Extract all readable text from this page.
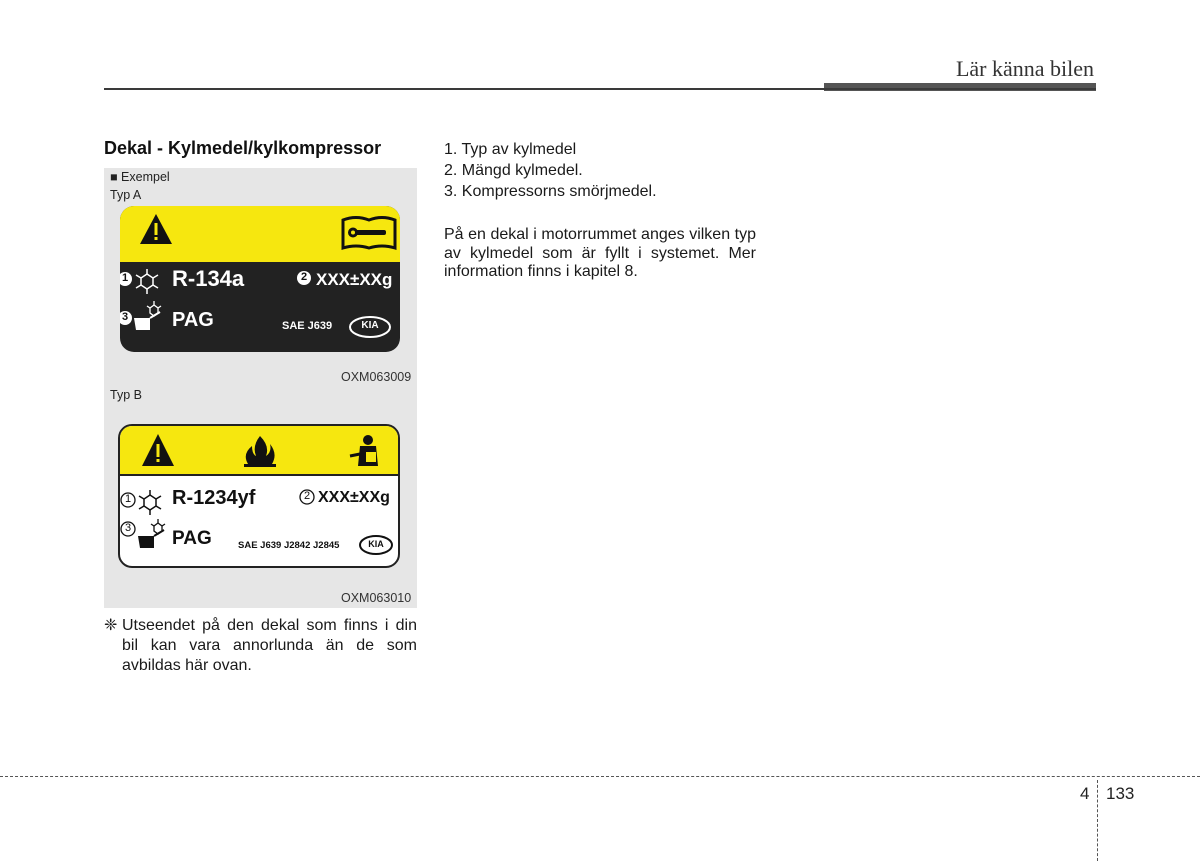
Lär känna bilen
Dekal - Kylmedel/kylkompressor
■ Exempel
Typ A
1 R-134a	2 XXX±XXg
3 PAG	SAE J639	KIA
OXM063009
Typ B
1 R-1234yf	2 XXX±XXg
3 PAG	SAE J639 J2842 J2845	KIA
OXM063010
❈ Utseendet på den dekal som finns i din bil kan vara annorlunda än de som avbildas här ovan.
1. Typ av kylmedel
2. Mängd kylmedel.
3. Kompressorns smörjmedel.
På en dekal i motorrummet anges vilken typ av kylmedel som är fyllt i systemet. Mer information finns i kapitel 8.
4 133
